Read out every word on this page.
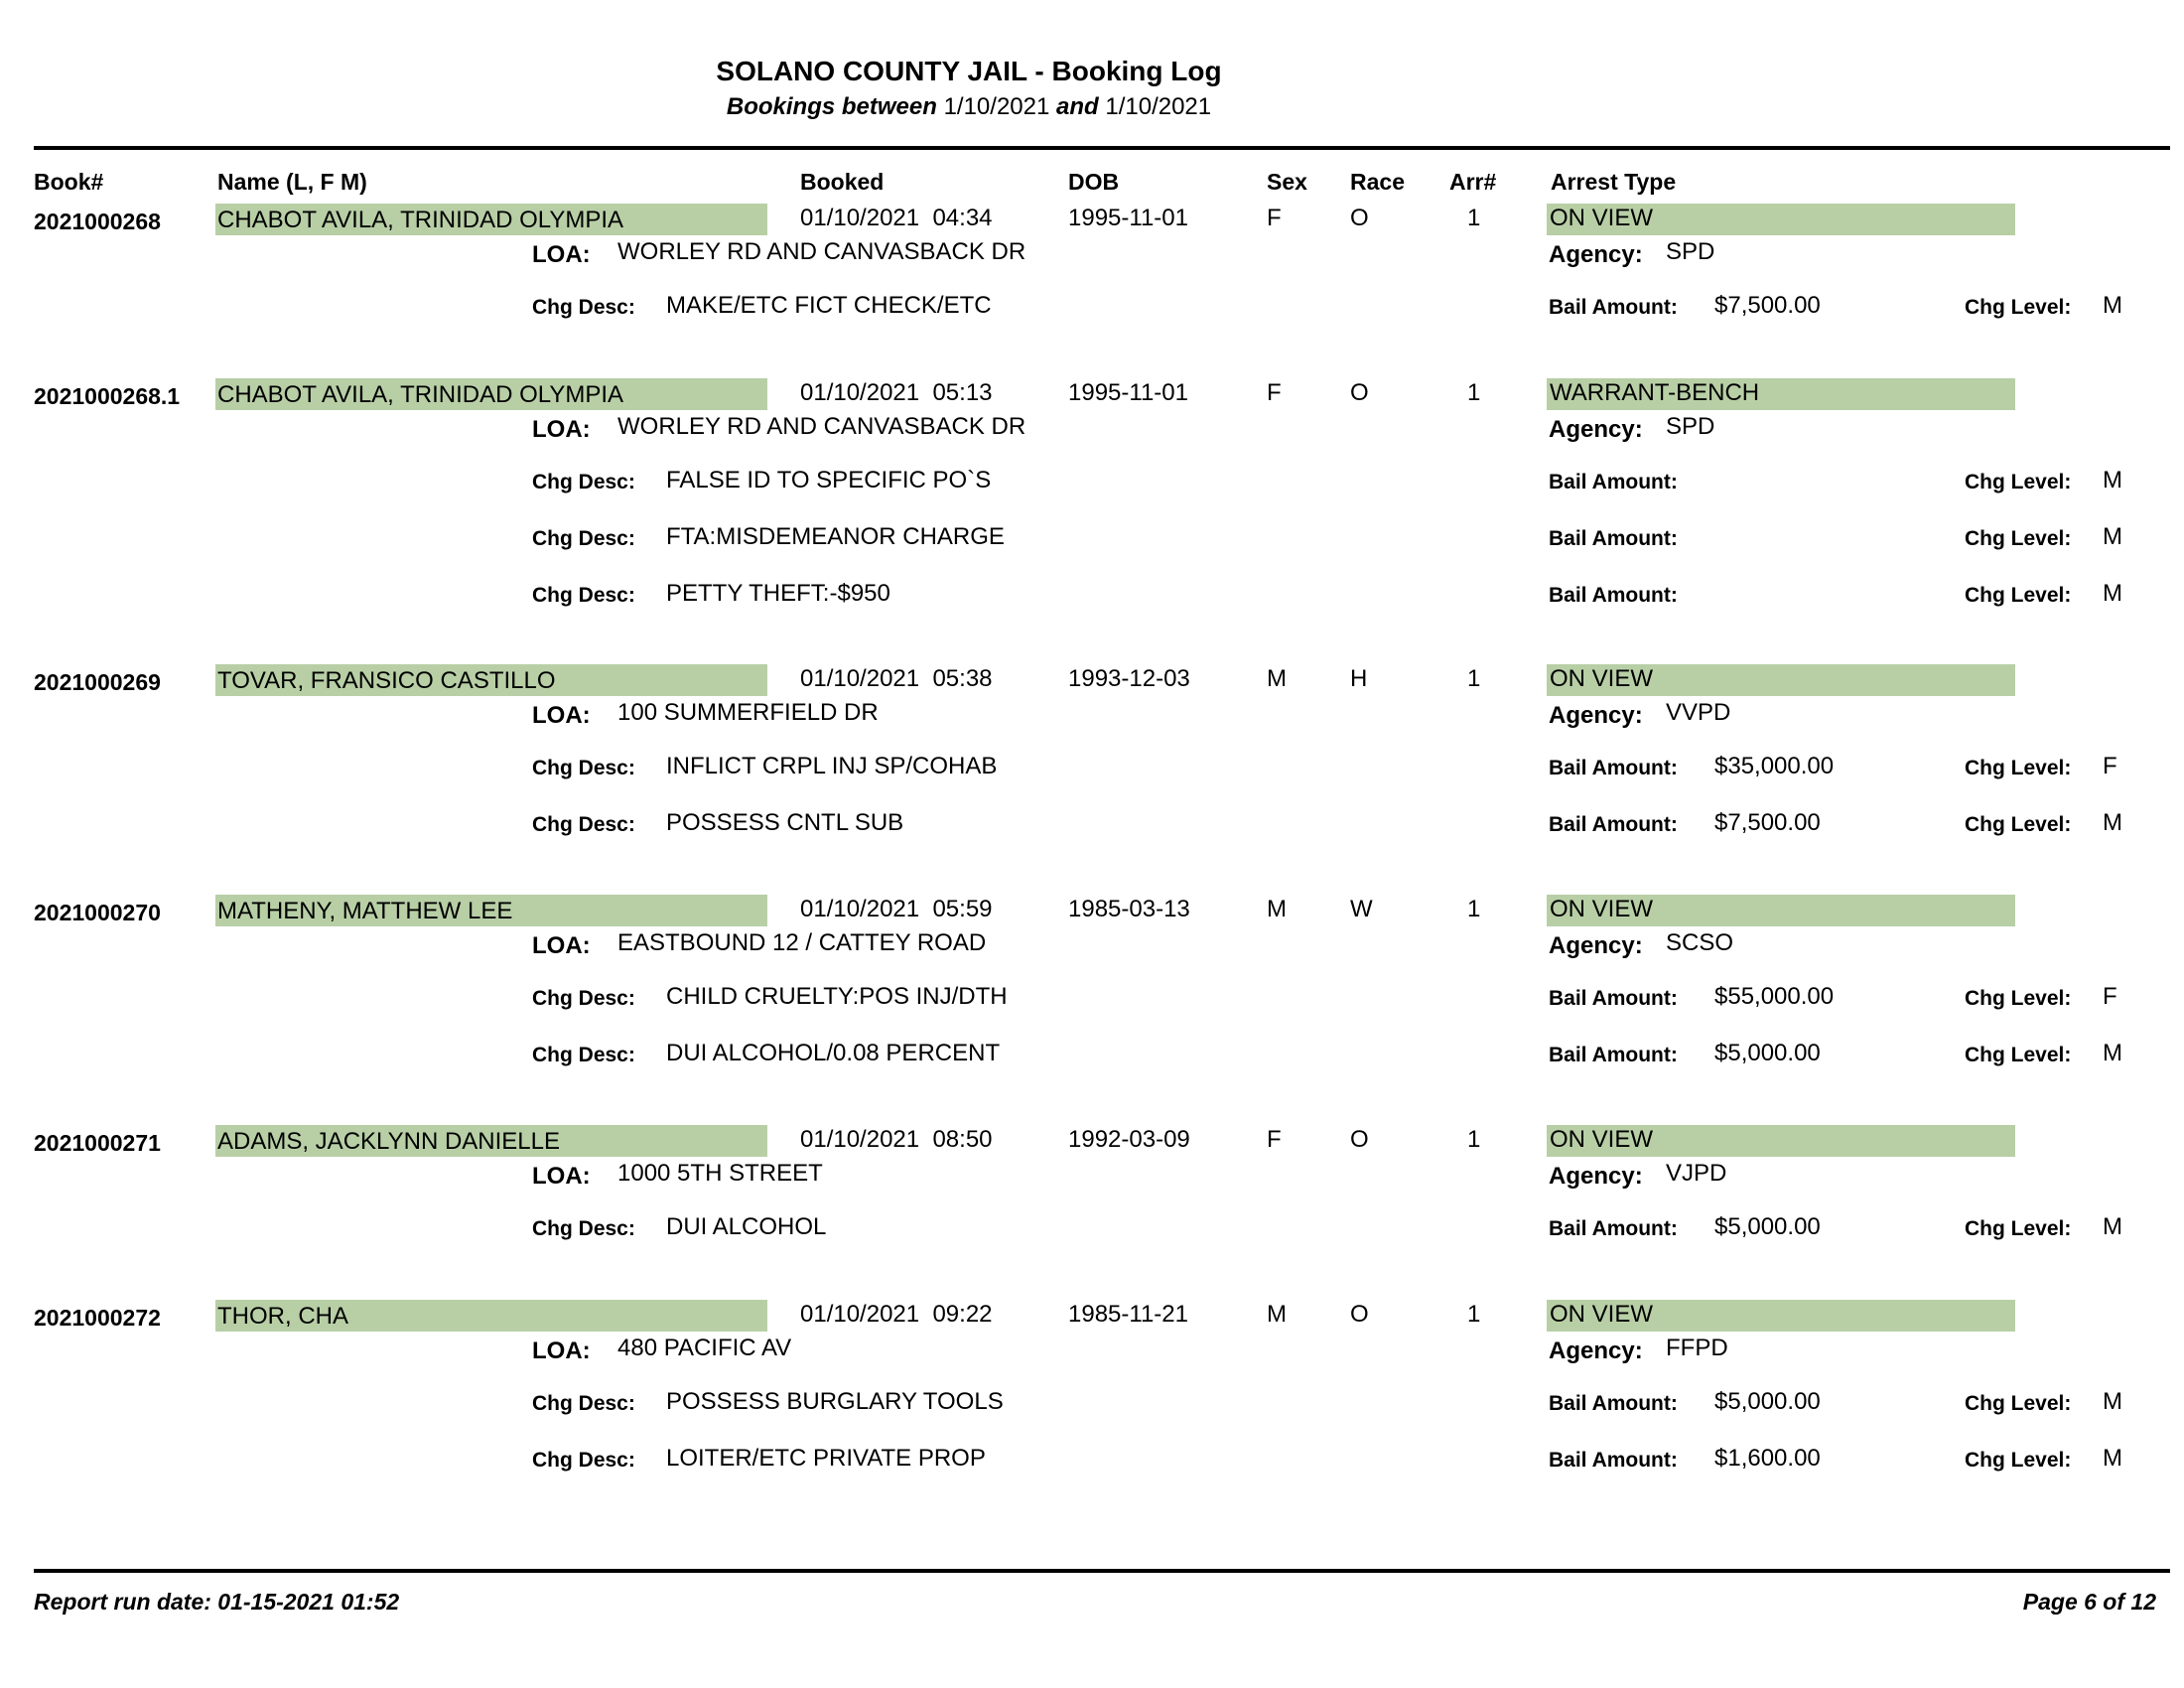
SOLANO COUNTY JAIL - Booking Log
Bookings between 1/10/2021 and 1/10/2021
Book#	Name (L, F M)	Booked	DOB	Sex Race Arr# Arrest Type
2021000268 CHABOT AVILA, TRINIDAD OLYMPIA	01/10/2021  04:34	1995-11-01	F	O	1	ON VIEW
LOA: WORLEY RD AND CANVASBACK DR	Agency: SPD
Chg Desc: MAKE/ETC FICT CHECK/ETC	Bail Amount: $7,500.00	Chg Level: M
2021000268.1 CHABOT AVILA, TRINIDAD OLYMPIA	01/10/2021  05:13	1995-11-01	F	O	1	WARRANT-BENCH
LOA: WORLEY RD AND CANVASBACK DR	Agency: SPD
Chg Desc: FALSE ID TO SPECIFIC PO`S	Bail Amount:	Chg Level: M
Chg Desc: FTA:MISDEMEANOR CHARGE	Bail Amount:	Chg Level: M
Chg Desc: PETTY THEFT:-$950	Bail Amount:	Chg Level: M
2021000269 TOVAR, FRANSICO CASTILLO	01/10/2021  05:38	1993-12-03	M	H	1	ON VIEW
LOA: 100 SUMMERFIELD DR	Agency: VVPD
Chg Desc: INFLICT CRPL INJ SP/COHAB	Bail Amount: $35,000.00	Chg Level: F
Chg Desc: POSSESS CNTL SUB	Bail Amount: $7,500.00	Chg Level: M
2021000270 MATHENY, MATTHEW LEE	01/10/2021  05:59	1985-03-13	M	W	1	ON VIEW
LOA: EASTBOUND 12 / CATTEY ROAD	Agency: SCSO
Chg Desc: CHILD CRUELTY:POS INJ/DTH	Bail Amount: $55,000.00	Chg Level: F
Chg Desc: DUI ALCOHOL/0.08 PERCENT	Bail Amount: $5,000.00	Chg Level: M
2021000271 ADAMS, JACKLYNN DANIELLE	01/10/2021  08:50	1992-03-09	F	O	1	ON VIEW
LOA: 1000 5TH STREET	Agency: VJPD
Chg Desc: DUI ALCOHOL	Bail Amount: $5,000.00	Chg Level: M
2021000272 THOR, CHA	01/10/2021  09:22	1985-11-21	M	O	1	ON VIEW
LOA: 480 PACIFIC AV	Agency: FFPD
Chg Desc: POSSESS BURGLARY TOOLS	Bail Amount: $5,000.00	Chg Level: M
Chg Desc: LOITER/ETC PRIVATE PROP	Bail Amount: $1,600.00	Chg Level: M
Report run date: 01-15-2021 01:52	Page 6 of 12
